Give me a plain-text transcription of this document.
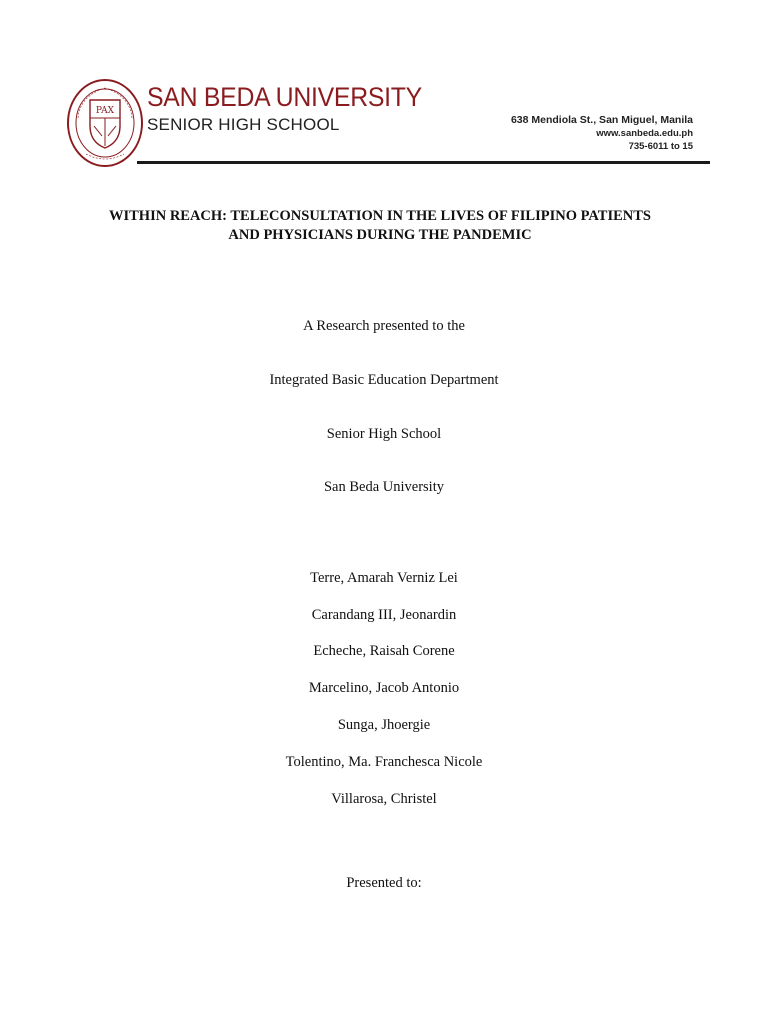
PAX SAN BEDA UNIVERSITY
SENIOR HIGH SCHOOL	638 Mendiola St., San Miguel, Manila
www.sanbeda.edu.ph
735-6011 to 15
WITHIN REACH: TELECONSULTATION IN THE LIVES OF FILIPINO PATIENTS
AND PHYSICIANS DURING THE PANDEMIC
A Research presented to the
Integrated Basic Education Department
Senior High School
San Beda University
Terre, Amarah Verniz Lei
Carandang III, Jeonardin
Echeche, Raisah Corene
Marcelino, Jacob Antonio
Sunga, Jhoergie
Tolentino, Ma. Franchesca Nicole
Villarosa, Christel
Presented to:
